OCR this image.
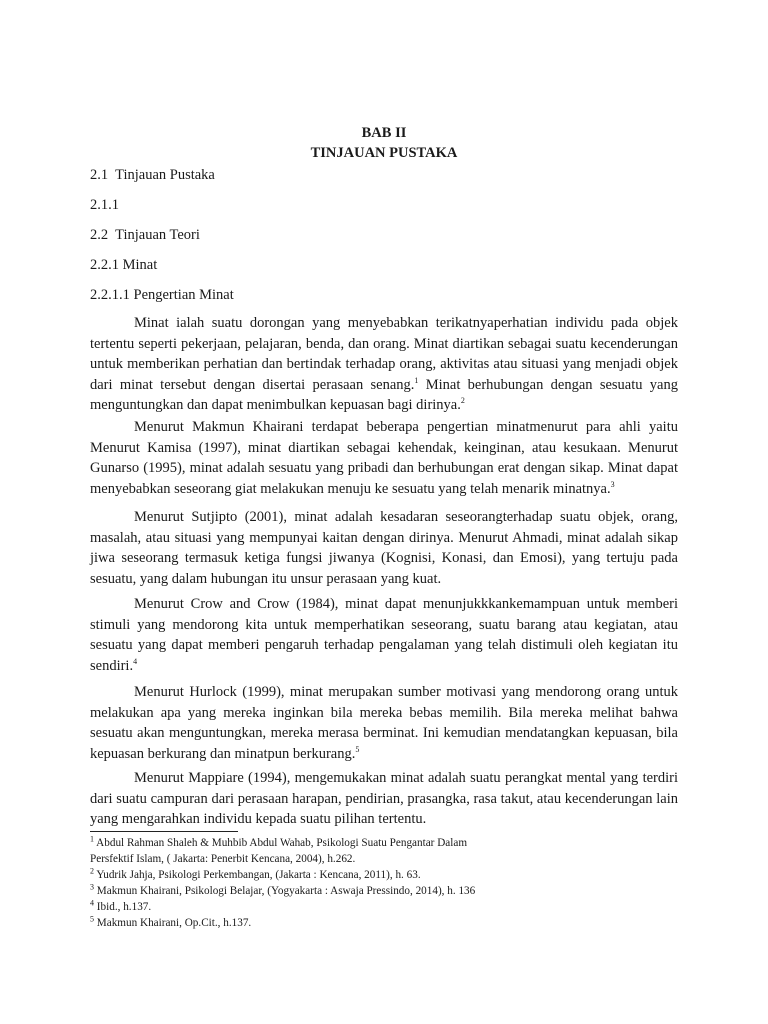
BAB II
TINJAUAN PUSTAKA
2.1  Tinjauan Pustaka
2.1.1
2.2  Tinjauan Teori
2.2.1 Minat
2.2.1.1 Pengertian Minat

Minat ialah suatu dorongan yang menyebabkan terikatnyaperhatian individu pada objek tertentu seperti pekerjaan, pelajaran, benda, dan orang. Minat diartikan sebagai suatu kecenderungan untuk memberikan perhatian dan bertindak terhadap orang, aktivitas atau situasi yang menjadi objek dari minat tersebut dengan disertai perasaan senang.$^1$ Minat berhubungan dengan sesuatu yang menguntungkan dan dapat menimbulkan kepuasan bagi dirinya.$^2$

Menurut Makmun Khairani terdapat beberapa pengertian minatmenurut para ahli yaitu Menurut Kamisa (1997), minat diartikan sebagai kehendak, keinginan, atau kesukaan. Menurut Gunarso (1995), minat adalah sesuatu yang pribadi dan berhubungan erat dengan sikap. Minat dapat menyebabkan seseorang giat melakukan menuju ke sesuatu yang telah menarik minatnya.$^3$

Menurut Sutjipto (2001), minat adalah kesadaran seseorangterhadap suatu objek, orang, masalah, atau situasi yang mempunyai kaitan dengan dirinya. Menurut Ahmadi, minat adalah sikap jiwa seseorang termasuk ketiga fungsi jiwanya (Kognisi, Konasi, dan Emosi), yang tertuju pada sesuatu, yang dalam hubungan itu unsur perasaan yang kuat.

Menurut Crow and Crow (1984), minat dapat menunjukkkankemampuan untuk memberi stimuli yang mendorong kita untuk memperhatikan seseorang, suatu barang atau kegiatan, atau sesuatu yang dapat memberi pengaruh terhadap pengalaman yang telah distimuli oleh kegiatan itu sendiri.$^4$

Menurut Hurlock (1999), minat merupakan sumber motivasi yang mendorong orang untuk melakukan apa yang mereka inginkan bila mereka bebas memilih. Bila mereka melihat bahwa sesuatu akan menguntungkan, mereka merasa berminat. Ini kemudian mendatangkan kepuasan, bila kepuasan berkurang dan minatpun berkurang.$^5$

Menurut Mappiare (1994), mengemukakan minat adalah suatu perangkat mental yang terdiri dari suatu campuran dari perasaan harapan, pendirian, prasangka, rasa takut, atau kecenderungan lain yang mengarahkan individu kepada suatu pilihan tertentu.

$^1$ Abdul Rahman Shaleh & Muhbib Abdul Wahab, Psikologi Suatu Pengantar Dalam
Persfektif Islam, ( Jakarta: Penerbit Kencana, 2004), h.262.
$^2$ Yudrik Jahja, Psikologi Perkembangan, (Jakarta : Kencana, 2011), h. 63.
$^3$ Makmun Khairani, Psikologi Belajar, (Yogyakarta : Aswaja Pressindo, 2014), h. 136
$^4$ Ibid., h.137.
$^5$ Makmun Khairani, Op.Cit., h.137.
